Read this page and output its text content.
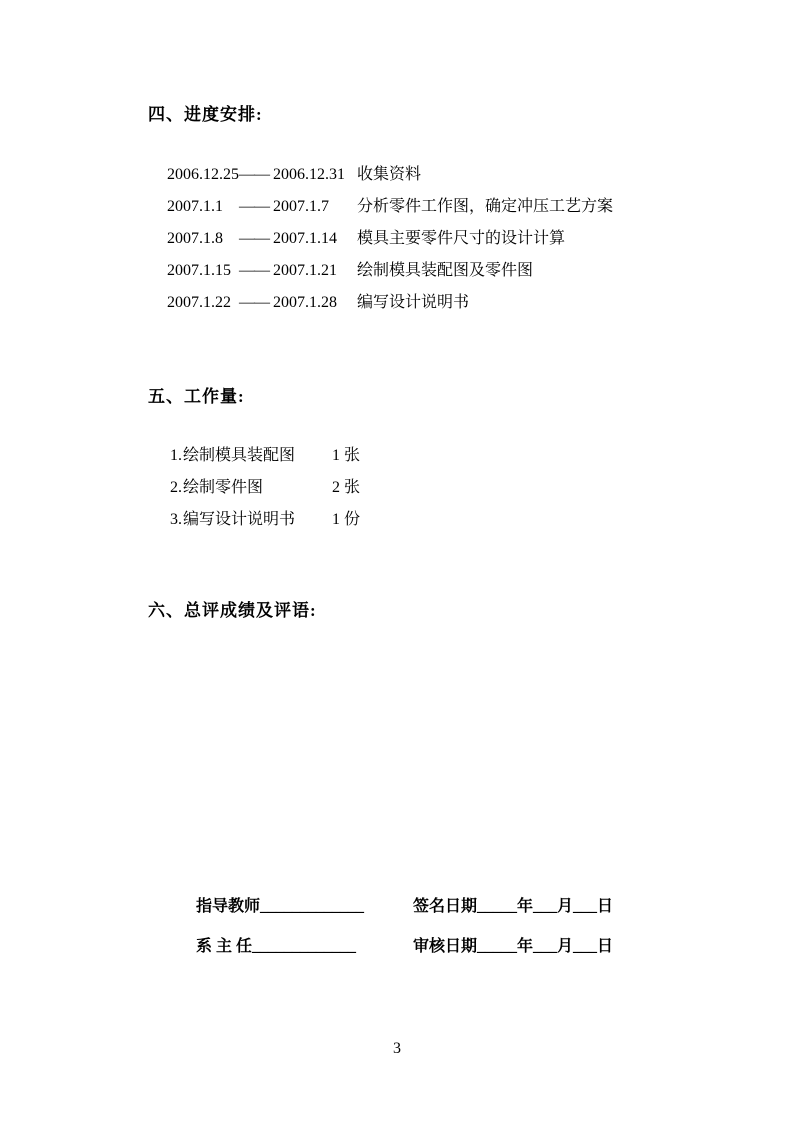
四、进度安排:
2006.12.25 —— 2006.12.31 收集资料
2007.1.1	—— 2007.1.7	分析零件工作图，确定冲压工艺方案
2007.1.8	—— 2007.1.14	模具主要零件尺寸的设计计算
2007.1.15 —— 2007.1.21	绘制模具装配图及零件图
2007.1.22 —— 2007.1.28	编写设计说明书
五、工作量:
1. 绘制模具装配图	1 张
2. 绘制零件图	2 张
3. 编写设计说明书	1 份
六、总评成绩及评语:
指导教师_____________	签名日期_____年___月___日
系 主 任_____________	审核日期_____年___月___日
3
